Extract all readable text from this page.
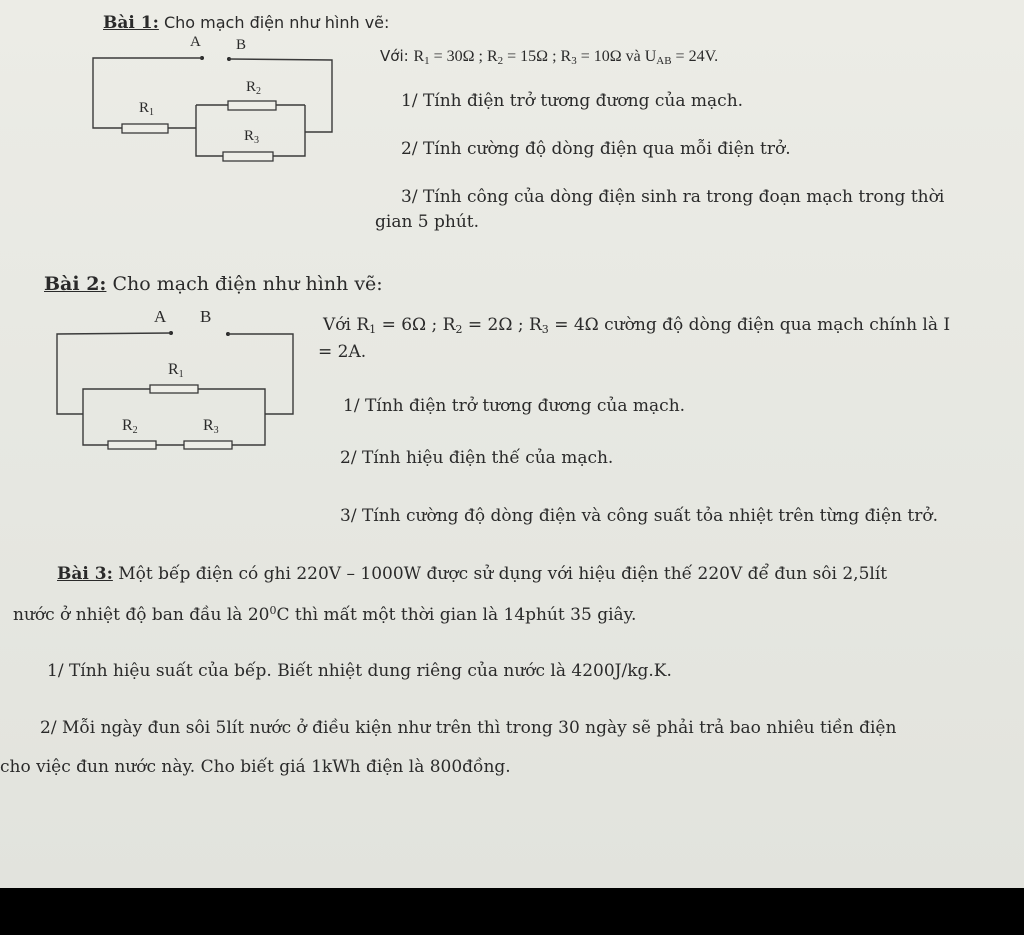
Bài 1: Cho mạch điện như hình vẽ:
A B
$R_1$
$R_2$
$R_3$
A B
R1
R2	R3
Với: $R_1 = 30\Omega$ ; $R_2 = 15\Omega$ ; $R_3 = 10\Omega$ và $U_{AB} = 24V$.
1/ Tính điện trở tương đương của mạch.
2/ Tính cường độ dòng điện qua mỗi điện trở.
3/ Tính công của dòng điện sinh ra trong đoạn mạch trong thời
gian 5 phút.
Bài 2: Cho mạch điện như hình vẽ:
Với $R_1 = 6\Omega$ ; $R_2 = 2\Omega$ ; $R_3 = 4\Omega$ cường độ dòng điện qua mạch chính là I
= 2A.
1/ Tính điện trở tương đương của mạch.
2/ Tính hiệu điện thế của mạch.
3/ Tính cường độ dòng điện và công suất tỏa nhiệt trên từng điện trở.
Bài 3: Một bếp điện có ghi 220V – 1000W được sử dụng với hiệu điện thế 220V để đun sôi 2,5lít
nước ở nhiệt độ ban đầu là $20^0C$ thì mất một thời gian là 14phút 35 giây.
1/ Tính hiệu suất của bếp. Biết nhiệt dung riêng của nước là 4200J/kg.K.
2/ Mỗi ngày đun sôi 5lít nước ở điều kiện như trên thì trong 30 ngày sẽ phải trả bao nhiêu tiền điện
cho việc đun nước này. Cho biết giá 1kWh điện là 800đồng.
